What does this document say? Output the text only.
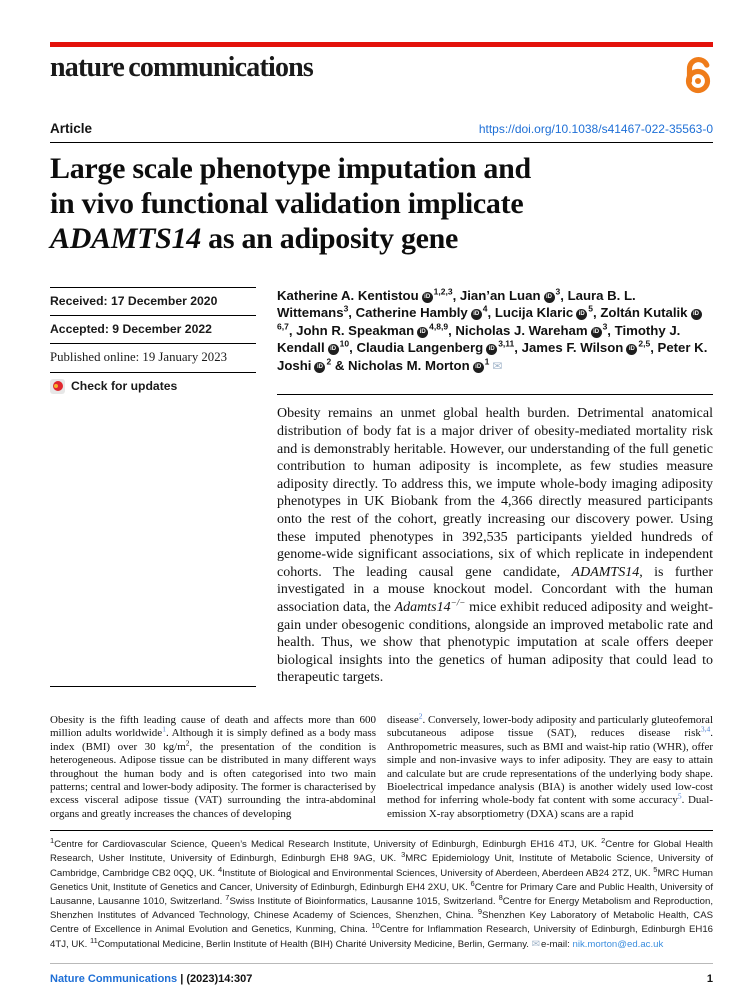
nature communications
Article	https://doi.org/10.1038/s41467-022-35563-0
Large scale phenotype imputation and
in vivo functional validation implicate
ADAMTS14 as an adiposity gene
Received: 17 December 2020
Accepted: 9 December 2022
Published online: 19 January 2023
Check for updates
Katherine A. Kentistou iD$^{1,2,3}$, Jian’an Luan $iD^3$, Laura B. L. Wittemans$^3$, Catherine Hambly $iD^4$, Lucija Klaric $iD^5$, Zoltán Kutalik iD$^{6,7}$, John R. Speakman iD$^{4,8,9}$, Nicholas J. Wareham $iD^3$, Timothy J. Kendall $iD^{10}$, Claudia Langenberg iD$^{3,11}$, James F. Wilson iD$^{2,5}$, Peter K. Joshi $iD^2$ & Nicholas M. Morton $iD^1$ ✉
Obesity remains an unmet global health burden. Detrimental anatomical distribution of body fat is a major driver of obesity-mediated mortality risk and is demonstrably heritable. However, our understanding of the full genetic contribution to human adiposity is incomplete, as few studies measure adiposity directly. To address this, we impute whole-body imaging adiposity phenotypes in UK Biobank from the 4,366 directly measured participants onto the rest of the cohort, greatly increasing our discovery power. Using these imputed phenotypes in 392,535 participants yielded hundreds of genome-wide significant associations, six of which replicate in independent cohorts. The leading causal gene candidate, ADAMTS14, is further investigated in a mouse knockout model. Concordant with the human association data, the Adamts14−/− mice exhibit reduced adiposity and weight-gain under obesogenic conditions, alongside an improved metabolic rate and health. Thus, we show that phenotypic imputation at scale offers deeper biological insights into the genetics of human adiposity that could lead to therapeutic targets.
Obesity is the fifth leading cause of death and affects more than 600 million adults worldwide$^1$. Although it is simply defined as a body mass index (BMI) over 30 $kg/m^2$, the presentation of the condition is heterogeneous. Adipose tissue can be distributed in many different ways throughout the human body and is often categorised into two main patterns; central and lower-body adiposity. The former is characterised by excess visceral adipose tissue (VAT) surrounding the intra-abdominal organs and greatly increases the chances of developing
disease$^2$. Conversely, lower-body adiposity and particularly gluteofemoral subcutaneous adipose tissue (SAT), reduces disease risk$^{3,4}$. Anthropometric measures, such as BMI and waist-hip ratio (WHR), offer simple and non-invasive ways to infer adiposity. They are easy to attain and calculate but are crude representations of the underlying body shape. Bioelectrical impedance analysis (BIA) is another widely used low-cost method for inferring whole-body fat content with some accuracy$^5$. Dual-emission X-ray absorptiometry (DXA) scans are a rapid
$^1$Centre for Cardiovascular Science, Queen’s Medical Research Institute, University of Edinburgh, Edinburgh EH16 4TJ, UK. $^2$Centre for Global Health Research, Usher Institute, University of Edinburgh, Edinburgh EH8 9AG, UK. $^3$MRC Epidemiology Unit, Institute of Metabolic Science, University of Cambridge, Cambridge CB2 0QQ, UK. $^4$Institute of Biological and Environmental Sciences, University of Aberdeen, Aberdeen AB24 2TZ, UK. $^5$MRC Human Genetics Unit, Institute of Genetics and Cancer, University of Edinburgh, Edinburgh EH4 2XU, UK. $^6$Centre for Primary Care and Public Health, University of Lausanne, Lausanne 1010, Switzerland. $^7$Swiss Institute of Bioinformatics, Lausanne 1015, Switzerland. $^8$Centre for Energy Metabolism and Reproduction, Shenzhen Institutes of Advanced Technology, Chinese Academy of Sciences, Shenzhen, China. $^9$Shenzhen Key Laboratory of Metabolic Health, CAS Centre of Excellence in Animal Evolution and Genetics, Kunming, China. $^{10}$Centre for Inflammation Research, University of Edinburgh, Edinburgh EH16 4TJ, UK. $^{11}$Computational Medicine, Berlin Institute of Health (BIH) Charité University Medicine, Berlin, Germany. ✉e-mail: nik.morton@ed.ac.uk
Nature Communications | (2023)14:307	1
